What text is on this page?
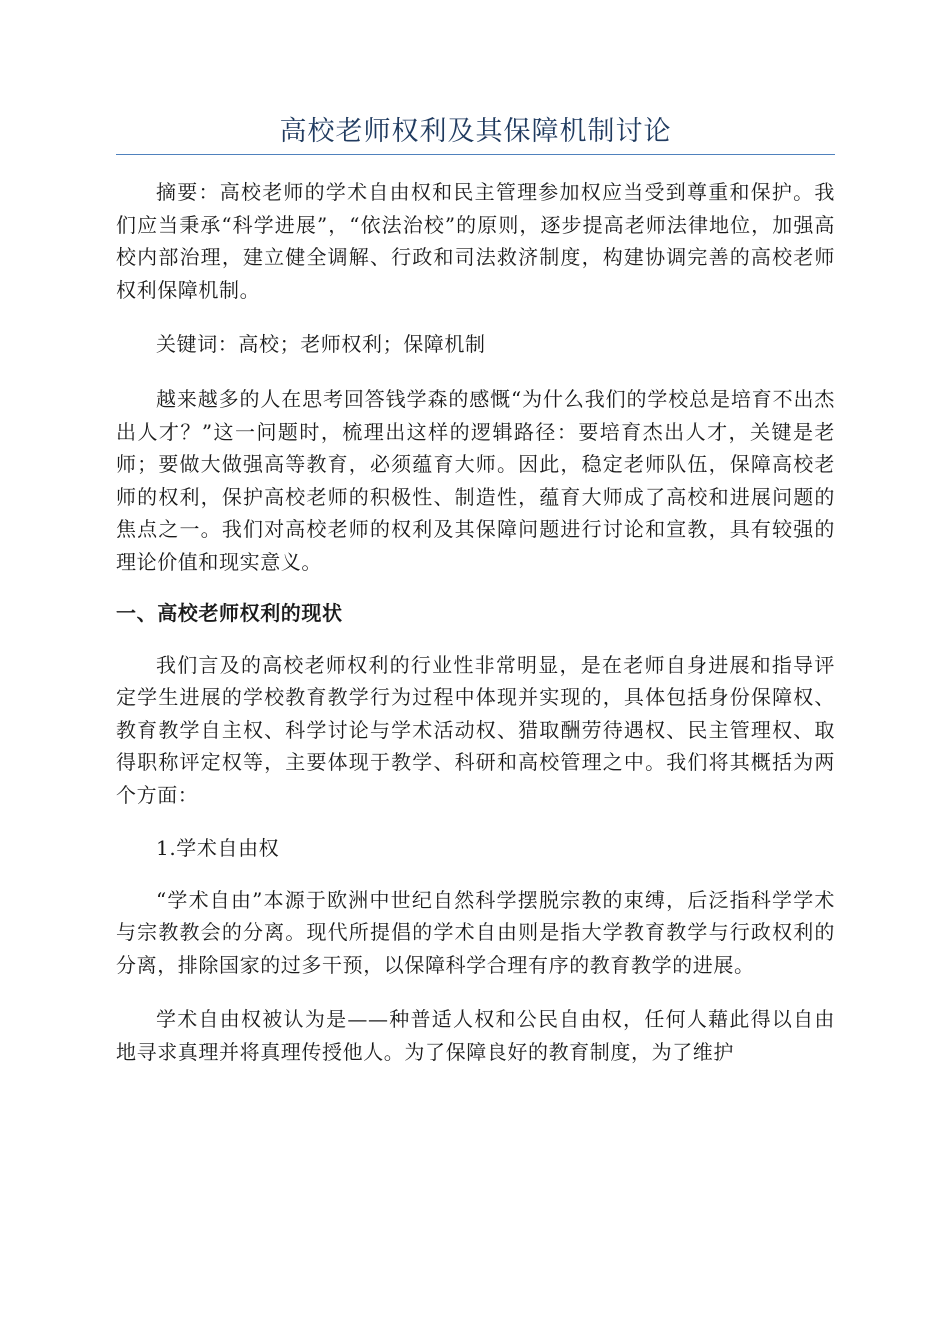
高校老师权利及其保障机制讨论

摘要：高校老师的学术自由权和民主管理参加权应当受到尊重和保护。我们应当秉承“科学进展”，“依法治校”的原则，逐步提高老师法律地位，加强高校内部治理，建立健全调解、行政和司法救济制度，构建协调完善的高校老师权利保障机制。

关键词：高校；老师权利；保障机制

越来越多的人在思考回答钱学森的感慨“为什么我们的学校总是培育不出杰出人才？”这一问题时，梳理出这样的逻辑路径：要培育杰出人才，关键是老师；要做大做强高等教育，必须蕴育大师。因此，稳定老师队伍，保障高校老师的权利，保护高校老师的积极性、制造性，蕴育大师成了高校和进展问题的焦点之一。我们对高校老师的权利及其保障问题进行讨论和宣教，具有较强的理论价值和现实意义。

一、高校老师权利的现状

我们言及的高校老师权利的行业性非常明显，是在老师自身进展和指导评定学生进展的学校教育教学行为过程中体现并实现的，具体包括身份保障权、教育教学自主权、科学讨论与学术活动权、猎取酬劳待遇权、民主管理权、取得职称评定权等，主要体现于教学、科研和高校管理之中。我们将其概括为两个方面：

1.学术自由权

“学术自由”本源于欧洲中世纪自然科学摆脱宗教的束缚，后泛指科学学术与宗教教会的分离。现代所提倡的学术自由则是指大学教育教学与行政权利的分离，排除国家的过多干预，以保障科学合理有序的教育教学的进展。

学术自由权被认为是——种普适人权和公民自由权，任何人藉此得以自由地寻求真理并将真理传授他人。为了保障良好的教育制度，为了维护
